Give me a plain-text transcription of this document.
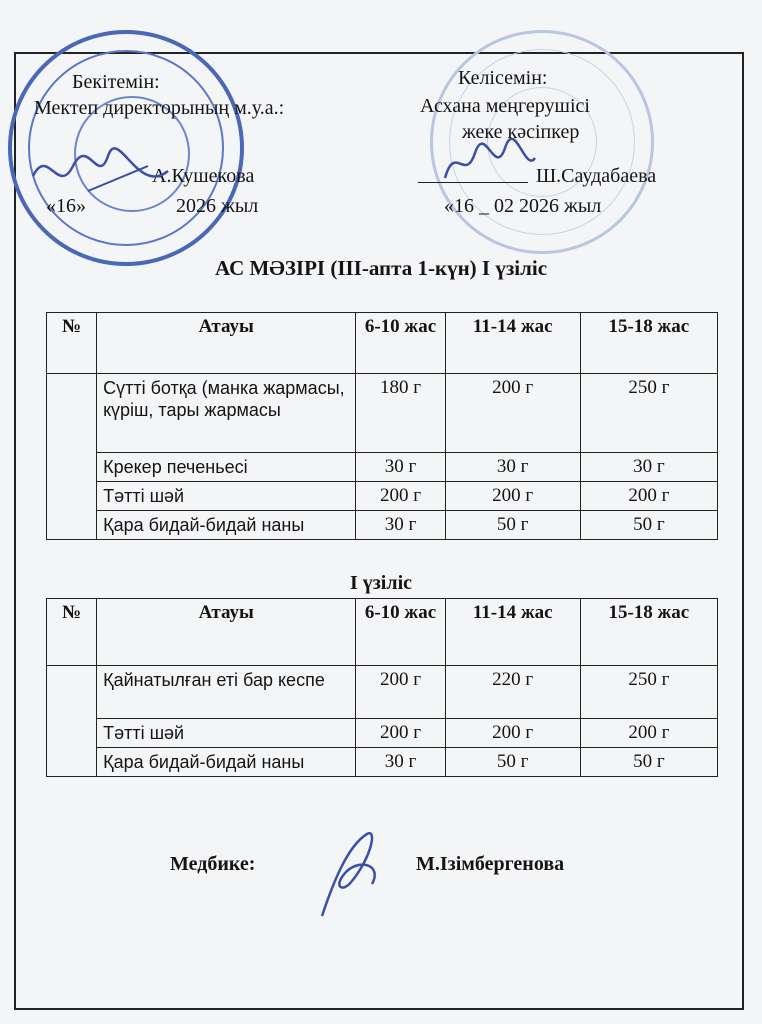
Бекітемін:
Мектеп директорының м.у.а.:
А.Кушекова
«16»	2026 жыл
Келісемін:
Асхана меңгерушісі
жеке кәсіпкер
Ш.Саудабаева
«16 _ 02 2026 жыл
АС МӘЗІРІ (ІІІ-апта 1-күн) І үзіліс
№	Атауы	6-10 жас	11-14 жас	15-18 жас
	Сүтті ботқа (манка жармасы, күріш, тары жармасы	180 г	200 г	250 г
	Крекер печеньесі	30 г	30 г	30 г
	Тәтті шәй	200 г	200 г	200 г
	Қара бидай-бидай наны	30 г	50 г	50 г
І үзіліс
№	Атауы	6-10 жас	11-14 жас	15-18 жас
	Қайнатылған еті бар кеспе	200 г	220 г	250 г
	Тәтті шәй	200 г	200 г	200 г
	Қара бидай-бидай наны	30 г	50 г	50 г
Медбике:	М.Ізімбергенова
